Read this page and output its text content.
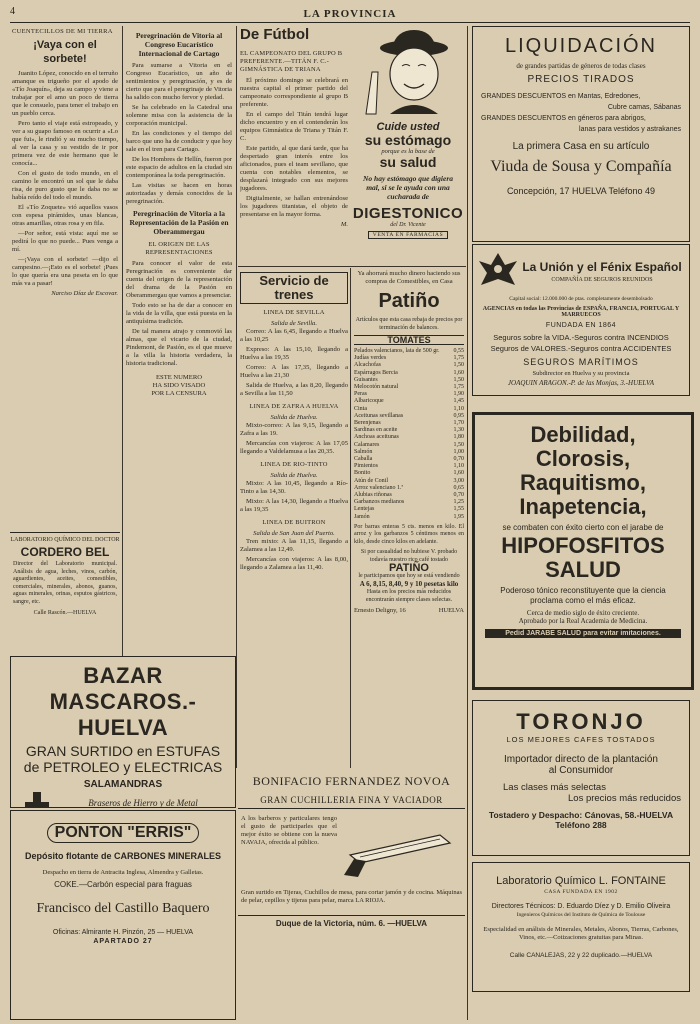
4	LA PROVINCIA
CUENTECILLOS DE MI TIERRA
¡Vaya con el sorbete!

Juanito López, conocido en el terruño amanque es trigueño por el apodo de «Tío Joaquín», deja su campo y viene a trabajar por el amo un poco de tierra que le consuelo, para tener el trabajo en un pueblo cerca.

Pero tanto el viaje está estropeado, y ver a su guapo famoso en ocurrir a «Lo que fui», le rindió y su mucho tiempo, al ver la casa y su vestido de ir por primera vez de este hermano que le conocía...

Con el gusto de todo mundo, en el camino le encontró un sol que le daba risa, de puro gusto que le daba no se había reído del todo el mundo.

El «Tío Zoquete» vió aquellos vasos con espesa pirámides, unas blancas, otras amarillas, otras rosa y en fila.

—Por señor, está vista: aquí me se pedirá lo que no puede... Pues venga a mí.

—¡Vaya con el sorbete! —dijo el campesino.—¡Esto es el sorbete! ¡Pues lo que quería era una peseta en lo que más va a pasar!

Narciso Díaz de Escovar.
LABORATORIO QUÍMICO DEL DOCTOR
CORDERO BEL
Director del Laboratorio municipal. Análisis de agua, leches, vinos, carbón, aguardientes, aceites, comestibles, comerciales, minerales, abonos, guanos, aguas minerales, orinas, esputos gástricos, sangre, etc.
Calle Rascón.—HUELVA
Peregrinación de Vitoria al Congreso Eucarístico Internacional de Cartago

Para sumarse a Vitoria en el Congreso Eucarístico, un año de sentimientos y peregrinación, y es de cierto que para el peregrinaje de Vitoria ha salido con mucho fervor y piedad.

Se ha celebrado en la Catedral una solemne misa con la asistencia de la corporación municipal.

En las condiciones y el tiempo del barco que uno ha de conducir y que hoy sale en el tren para Cartago.

De los Hombres de Hellín, fueron por este espacio de adultos en la ciudad sin contemporánea la toda peregrinación.

Las visitas se hacen en horas autorizadas y demás conocidos de la peregrinación.

Peregrinación de Vitoria a la Representación de la Pasión en Oberammergau
EL ORIGEN DE LAS REPRESENTACIONES

Para conocer el valor de esta Peregrinación es conveniente dar cuenta del origen de la representación del drama de la Pasión en Oberammergau que vamos a presenciar.

Todo esto se ha de dar a conocer en la vida de la villa, que está puesta en la antiquísima tradición.

De tal manera atrajo y conmovió las almas, que el vicario de la ciudad, Pindemont, de Pasión, es el que mueve a la villa la historia verdadera, la historia tradicional.

ESTE NUMERO
HA SIDO VISADO
POR LA CENSURA
De Fútbol
EL CAMPEONATO DEL GRUPO B PREFERENTE.—TITÁN F. C.-GIMNÁSTICA DE TRIANA

El próximo domingo se celebrará en nuestra capital el primer partido del campeonato correspondiente al grupo B preferente.

En el campo del Titán tendrá lugar dicho encuentro y en el contenderán los equipos Gimnástica de Triana y Titán F. C.

Este partido, al que dará tarde, que ha despertado gran interés entre los aficionados, pues el team sevillano, que cuenta con notables elementos, se desplazará integrado con sus mejores jugadores.

Digitalmente, se hallan entrenándose los jugadores titanistas, el objeto de presentarse en la mayor forma.

M.
Cuide usted
su estómago
porque es la base de
su salud
No hay estómago que digiera mal, si se le ayuda con una cucharada de
DIGESTONICO
del Dr. Vicente
VENTA EN FARMACIAS
Servicio de trenes
LINEA DE SEVILLA
Salida de Sevilla.

Correo: A las 6,45, llegando a Huelva a las 10,25

Expreso: A las 15,10, llegando a Huelva a las 19,35

Correo: A las 17,35, llegando a Huelva a las 21,30

Salida de Huelva, a las 8,20, llegando a Sevilla a las 11,50

LINEA DE ZAFRA A HUELVA
Salida de Huelva.

Mixto-correo: A las 9,15, llegando a Zafra a las 19.

Mercancías con viajeros: A las 17,05 llegando a Valdelamusa a las 20,35.

LINEA DE RIO-TINTO
Salida de Huelva.

Mixto: A las 10,45, llegando a Río-Tinto a las 14,30.

Mixto: A las 14,30, llegando a Huelva a las 19,35

LINEA DE BUITRON
Salida de San Juan del Puerto.

Tren mixto: A las 11,15, llegando a Zalamea a las 12,49.

Mercancías con viajeros: A las 8,00, llegando a Zalamea a las 11,40.

Ya ahorrará mucho dinero haciendo sus compras de Comestibles, en Casa
Patiño
Artículos que esta casa rebaja de precios por terminación de balances.
TOMATES
Pelados valencianos, lata de 500 gr. 0,55
Judías verdes	1,75
Alcachofas	1,50
Espárragos Bercia	1,60
Guisantes	1,50
Melocotón natural	1,75
Peras	1,90
Albaricoque	1,45
Cinta	1,10
Aceitunas sevillanas	0,95
Berenjenas	1,70
Sardinas en aceite	1,30
Anchoas aceitunas	1,80
Calamares	1,50
Salmón	1,00
Caballa	0,70
Pimientos	1,10
Bonito	1,60
Atún de Conil	3,00
Arroz valenciano 1.ª	0,65
Alubias riñonas	0,70
Garbanzos medianos	1,25
Lentejas	1,55
Jamón	1,95
Por barras enteras 5 cts. menos en kilo. El arroz y los garbanzos 5 céntimos menos en kilo, desde cinco kilos en adelante.
Si por casualidad no hubiese V. probado todavía nuestro rico café tostado
PATIÑO
le participamos que hoy se está vendiendo
A 6, 8,15, 8,40, 9 y 10 pesetas kilo
Hasta en los precios más reducidos encontrarán siempre clases selectas.
Ernesto Deligny, 16	HUELVA
BAZAR MASCAROS.-HUELVA
GRAN SURTIDO en ESTUFAS
de PETROLEO y ELECTRICAS
SALAMANDRAS
Braseros de Hierro y de Metal
PONTON "ERRIS"
Depósito flotante de CARBONES MINERALES
Despacho en tierra de Antracita Inglesa, Almendra y Galletas.
COKE.—Carbón especial para fraguas
Francisco del Castillo Baquero
Oficinas: Almirante H. Pinzón, 25 — HUELVA
APARTADO 27
BONIFACIO FERNANDEZ NOVOA
GRAN CUCHILLERIA FINA Y VACIADOR
A los barberos y particulares tengo el gusto de participarles que el mejor éxito se obtiene con la nueva NAVAJA, ofrecida al público.
Gran surtido en Tijeras, Cuchillos de mesa, para cortar jamón y de cocina. Máquinas de pelar, cepillos y tijeras para pelar, marca LA RIOJA.
Duque de la Victoria, núm. 6. —HUELVA
LIQUIDACIÓN
de grandes partidas de géneros de todas clases
PRECIOS TIRADOS
GRANDES DESCUENTOS en Mantas, Edredones,
Cubre camas, Sábanas
GRANDES DESCUENTOS en géneros para abrigos,
lanas para vestidos y astrakanes
La primera Casa en su artículo
Viuda de Sousa y Compañía
Concepción, 17 HUELVA Teléfono 49
La Unión y el Fénix Español
COMPAÑÍA DE SEGUROS REUNIDOS
Capital social: 12.000.000 de ptas. completamente desembolsado
AGENCIAS en todas las Provincias de ESPAÑA, FRANCIA, PORTUGAL Y MARRUECOS
FUNDADA EN 1864
Seguros sobre la VIDA.-Seguros contra INCENDIOS
Seguros de VALORES.-Seguros contra ACCIDENTES
SEGUROS MARÍTIMOS
Subdirector en Huelva y su provincia
JOAQUIN ARAGON.-P. de las Monjas, 3.-HUELVA
Debilidad,
Clorosis,
Raquitismo,
Inapetencia,
se combaten con éxito cierto con el jarabe de
HIPOFOSFITOS
SALUD
Poderoso tónico reconstituyente que la ciencia proclama como el más eficaz.
Cerca de medio siglo de éxito creciente.
Aprobado por la Real Academia de Medicina.
Pedid JARABE SALUD para evitar imitaciones.
TORONJO
LOS MEJORES CAFES TOSTADOS
Importador directo de la plantación
al Consumidor
Las clases más selectas
Los precios más reducidos
Tostadero y Despacho: Cánovas, 58.-HUELVA
Teléfono 288
Laboratorio Químico L. FONTAINE
CASA FUNDADA EN 1902
Directores Técnicos: D. Eduardo Díez y D. Emilio Oliveira
Ingenieros Químicos del Instituto de Química de Toulouse
Especialidad en análisis de Minerales, Metales, Abonos, Tierras, Carbones, Vinos, etc.—Cotizaciones gratuitas para Minas.
Calle CANALEJAS, 22 y 22 duplicado.—HUELVA
